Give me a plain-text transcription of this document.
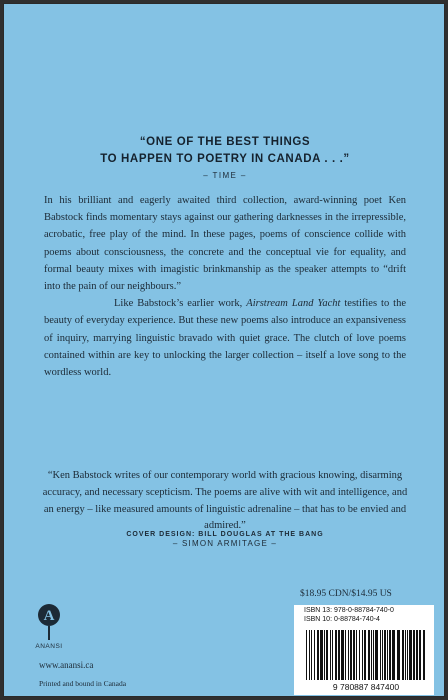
“ONE OF THE BEST THINGS
TO HAPPEN TO POETRY IN CANADA . . .”
– TIME –

In his brilliant and eagerly awaited third collection, award-winning poet Ken Babstock finds momentary stays against our gathering darknesses in the irrepressible, acrobatic, free play of the mind. In these pages, poems of conscience collide with poems about consciousness, the concrete and the conceptual vie for equality, and formal beauty mixes with imagistic brinkmanship as the speaker attempts to “drift into the pain of our neighbours.”

Like Babstock’s earlier work, Airstream Land Yacht testifies to the beauty of everyday experience. But these new poems also introduce an expansiveness of inquiry, marrying linguistic bravado with quiet grace. The clutch of love poems contained within are key to unlocking the larger collection – itself a love song to the wordless world.

“Ken Babstock writes of our contemporary world with gracious knowing, disarming accuracy, and necessary scepticism. The poems are alive with wit and intelligence, and an energy – like measured amounts of linguistic adrenaline – that has to be envied and admired.”
– SIMON ARMITAGE –
COVER DESIGN: BILL DOUGLAS AT THE BANG
$18.95 CDN/$14.95 US
ISBN 13: 978-0-88784-740-0
ISBN 10: 0-88784-740-4
9 780887 847400
A
ANANSI
www.anansi.ca
Printed and bound in Canada
